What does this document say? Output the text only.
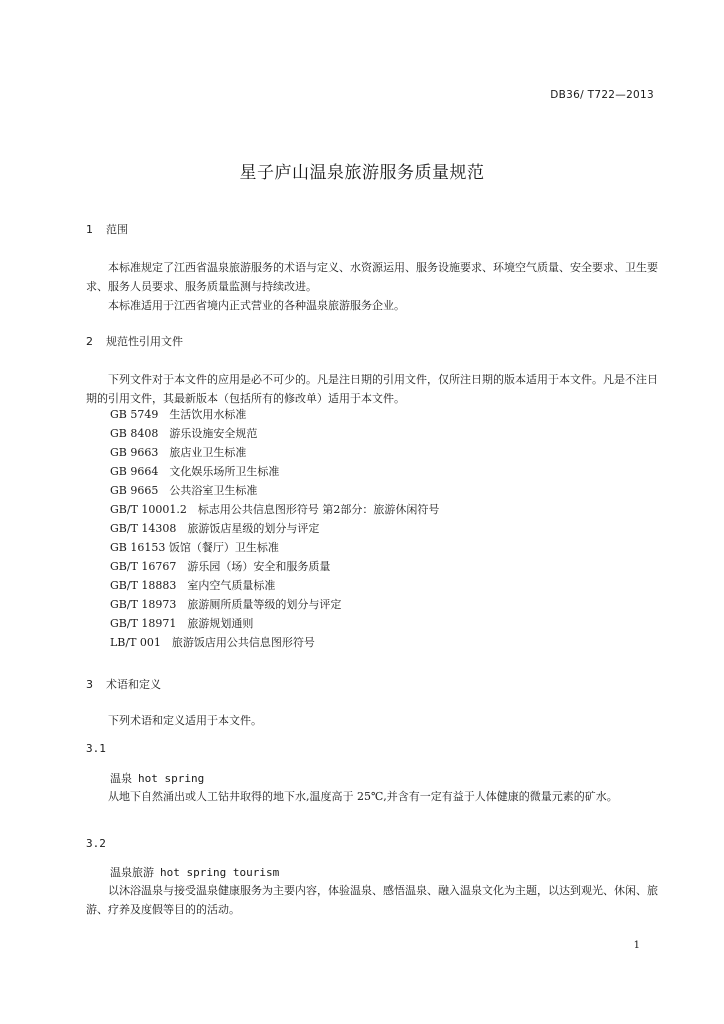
DB36/ T722—2013
星子庐山温泉旅游服务质量规范
1 范围
本标准规定了江西省温泉旅游服务的术语与定义、水资源运用、服务设施要求、环境空气质量、安全要求、卫生要求、服务人员要求、服务质量监测与持续改进。
本标准适用于江西省境内正式营业的各种温泉旅游服务企业。
2 规范性引用文件
下列文件对于本文件的应用是必不可少的。凡是注日期的引用文件，仅所注日期的版本适用于本文件。凡是不注日期的引用文件，其最新版本（包括所有的修改单）适用于本文件。
GB 5749　生活饮用水标准
GB 8408　游乐设施安全规范
GB 9663　旅店业卫生标准
GB 9664　文化娱乐场所卫生标准
GB 9665　公共浴室卫生标准
GB/T 10001.2　标志用公共信息图形符号 第2部分：旅游休闲符号
GB/T 14308　旅游饭店星级的划分与评定
GB 16153 饭馆（餐厅）卫生标准
GB/T 16767　游乐园（场）安全和服务质量
GB/T 18883　室内空气质量标准
GB/T 18973　旅游厕所质量等级的划分与评定
GB/T 18971　旅游规划通则
LB/T 001　旅游饭店用公共信息图形符号
3 术语和定义
下列术语和定义适用于本文件。
3.1
温泉 hot spring
从地下自然涌出或人工钻井取得的地下水,温度高于 25℃,并含有一定有益于人体健康的微量元素的矿水。
3.2
温泉旅游 hot spring tourism
以沐浴温泉与接受温泉健康服务为主要内容，体验温泉、感悟温泉、融入温泉文化为主题，以达到观光、休闲、旅游、疗养及度假等目的的活动。
1
